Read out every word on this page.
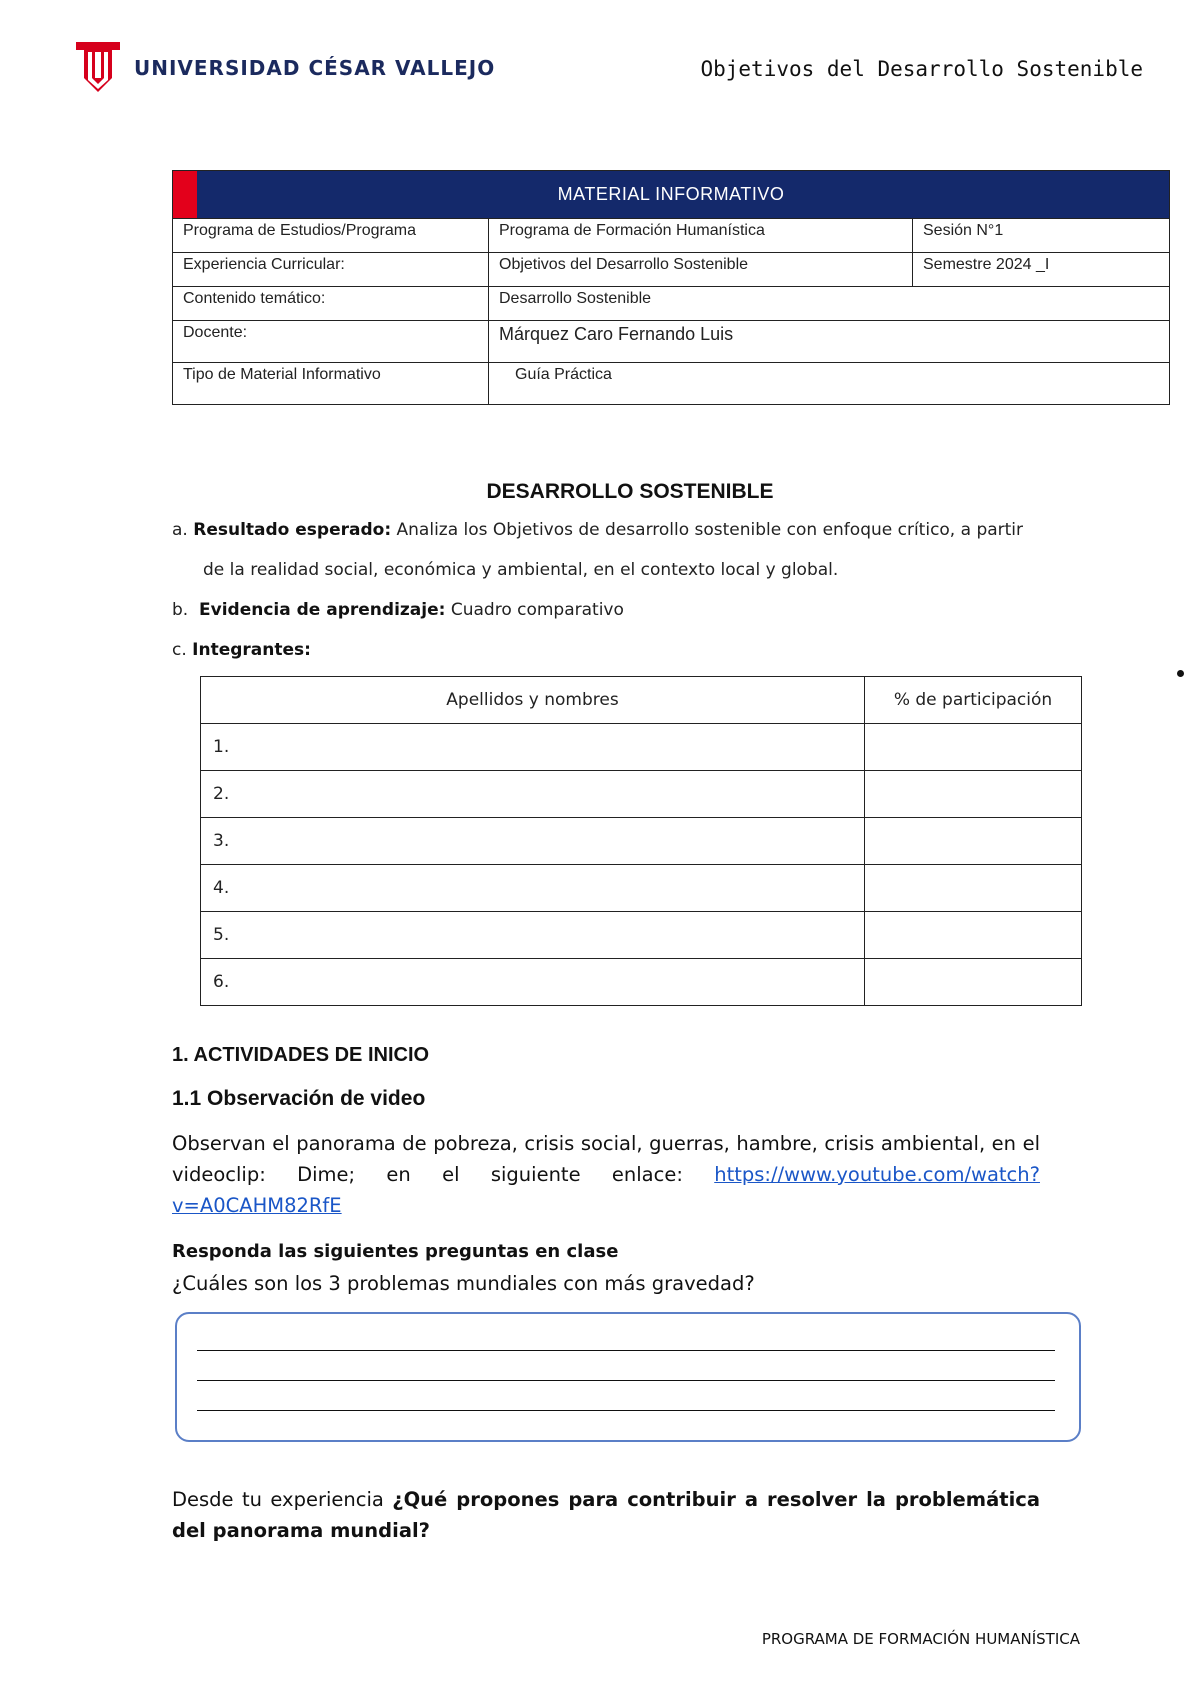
UNIVERSIDAD CÉSAR VALLEJO	Objetivos del Desarrollo Sostenible
MATERIAL INFORMATIVO		
Programa de Estudios/Programa	Programa de Formación Humanística	Sesión N°1
Experiencia Curricular:	Objetivos del Desarrollo Sostenible	Semestre 2024 _I
Contenido temático:	Desarrollo Sostenible	
Docente:	Márquez Caro Fernando Luis	
Tipo de Material Informativo	Guía Práctica	
DESARROLLO SOSTENIBLE
a. Resultado esperado: Analiza los Objetivos de desarrollo sostenible con enfoque crítico, a partir
de la realidad social, económica y ambiental, en el contexto local y global.
b. Evidencia de aprendizaje: Cuadro comparativo
c. Integrantes:
Apellidos y nombres	% de participación
1.	
2.	
3.	
4.	
5.	
6.	
1. ACTIVIDADES DE INICIO
1.1 Observación de video
Observan el panorama de pobreza, crisis social, guerras, hambre, crisis ambiental, en el videoclip: Dime; en el siguiente enlace: https://www.youtube.com/watch?v=A0CAHM82RfE
Responda las siguientes preguntas en clase
¿Cuáles son los 3 problemas mundiales con más gravedad?
Desde tu experiencia ¿Qué propones para contribuir a resolver la problemática del panorama mundial?
PROGRAMA DE FORMACIÓN HUMANÍSTICA
